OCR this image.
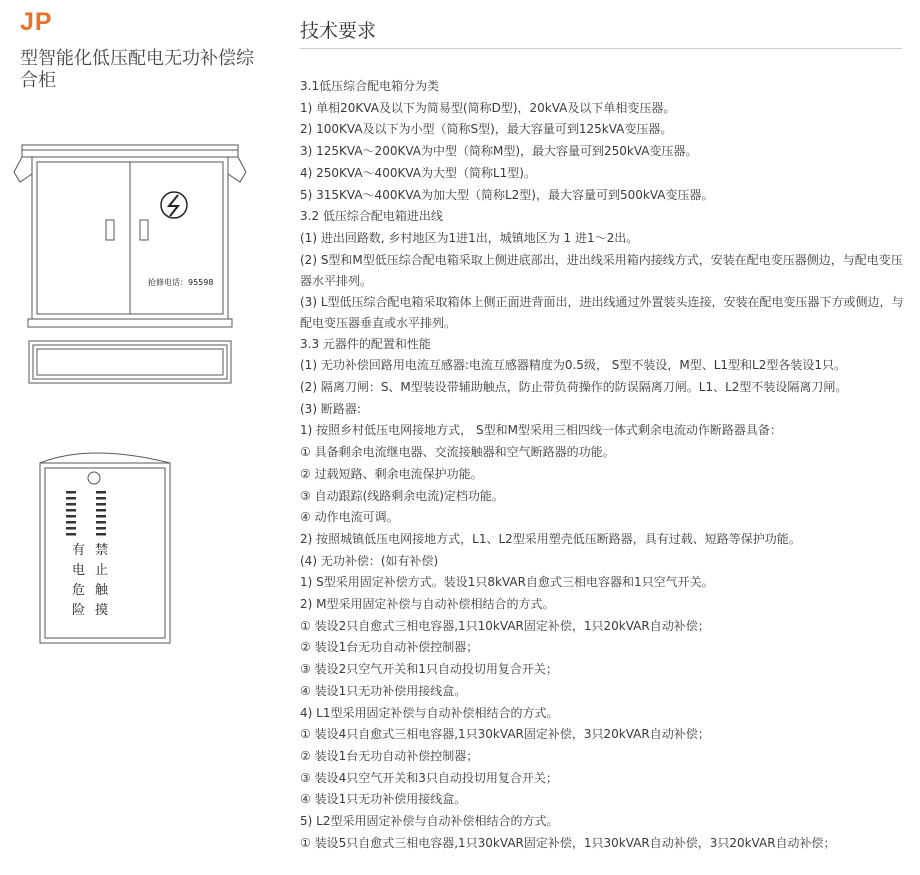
JP
型智能化低压配电无功补偿综合柜
抢修电话：95598
有电危险
禁止触摸
技术要求
3.1低压综合配电箱分为类
1) 单相20KVA及以下为简易型(简称D型)，20kVA及以下单相变压器。
2) 100KVA及以下为小型（简称S型)，最大容量可到125kVA变压器。
3) 125KVA～200KVA为中型（简称M型)，最大容量可到250kVA变压器。
4) 250KVA～400KVA为大型（简称L1型)。
5) 315KVA～400KVA为加大型（简称L2型)，最大容量可到500kVA变压器。
3.2 低压综合配电箱进出线
(1) 进出回路数, 乡村地区为1进1出，城镇地区为 1 进1～2出。
(2) S型和M型低压综合配电箱采取上侧进底部出，进出线采用箱内接线方式，安装在配电变压器侧边，与配电变压器水平排列。
(3) L型低压综合配电箱采取箱体上侧正面进背面出，进出线通过外置装头连接，安装在配电变压器下方或侧边，与配电变压器垂直或水平排列。
3.3 元器件的配置和性能
(1) 无功补偿回路用电流互感器:电流互感器精度为0.5级， S型不装设，M型、L1型和L2型各装设1只。
(2) 隔离刀闸：S、M型装设带辅助触点，防止带负荷操作的防误隔离刀闸。L1、L2型不装设隔离刀闸。
(3) 断路器:
1) 按照乡村低压电网接地方式， S型和M型采用三相四线一体式剩余电流动作断路器具备：
① 具备剩余电流继电器、交流接触器和空气断路器的功能。
② 过载短路、剩余电流保护功能。
③ 自动跟踪(线路剩余电流)定档功能。
④ 动作电流可调。
2) 按照城镇低压电网接地方式，L1、L2型采用塑壳低压断路器，具有过载、短路等保护功能。
(4) 无功补偿：(如有补偿)
1) S型采用固定补偿方式。装设1只8kVAR自愈式三相电容器和1只空气开关。
2) M型采用固定补偿与自动补偿相结合的方式。
① 装设2只自愈式三相电容器,1只10kVAR固定补偿，1只20kVAR自动补偿；
② 装设1台无功自动补偿控制器；
③ 装设2只空气开关和1只自动投切用复合开关；
④ 装设1只无功补偿用接线盒。
4) L1型采用固定补偿与自动补偿相结合的方式。
① 装设4只自愈式三相电容器,1只30kVAR固定补偿，3只20kVAR自动补偿；
② 装设1台无功自动补偿控制器；
③ 装设4只空气开关和3只自动投切用复合开关；
④ 装设1只无功补偿用接线盒。
5) L2型采用固定补偿与自动补偿相结合的方式。
① 装设5只自愈式三相电容器,1只30kVAR固定补偿，1只30kVAR自动补偿，3只20kVAR自动补偿；
